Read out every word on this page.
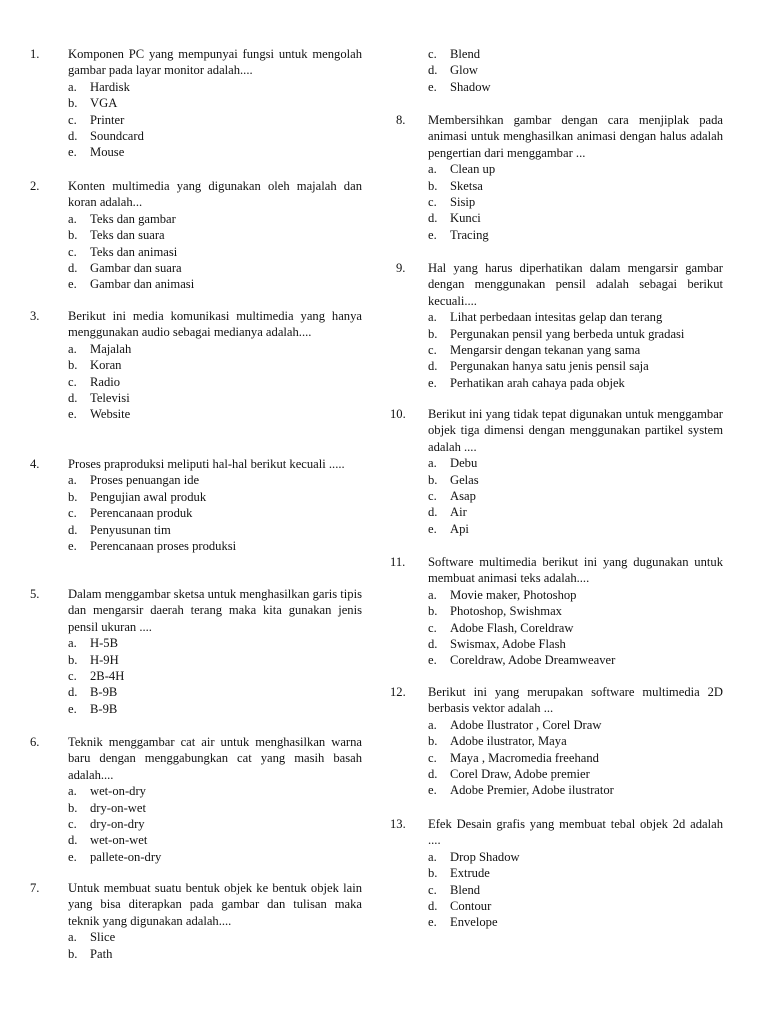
1. Komponen PC yang mempunyai fungsi untuk mengolah gambar pada layar monitor adalah....
a.	Hardisk
b. VGA
c.	Printer
d. Soundcard
e.	Mouse
2. Konten multimedia yang digunakan oleh majalah dan koran adalah...
a.	Teks dan gambar
b. Teks dan suara
c.	Teks dan animasi
d. Gambar dan suara
e.	Gambar dan animasi
3. Berikut ini media komunikasi multimedia yang hanya menggunakan audio sebagai medianya adalah....
a.	Majalah
b. Koran
c.	Radio
d. Televisi
e.	Website
4. Proses praproduksi meliputi hal-hal berikut kecuali .....
a.	Proses penuangan ide
b. Pengujian awal produk
c.	Perencanaan produk
d. Penyusunan tim
e.	Perencanaan proses produksi
5. Dalam menggambar sketsa untuk menghasilkan garis tipis dan mengarsir daerah terang maka kita gunakan jenis pensil ukuran ....
a.	H-5B
b. H-9H
c.	2B-4H
d. B-9B
e.	B-9B
6. Teknik menggambar cat air untuk menghasilkan warna baru dengan menggabungkan cat yang masih basah adalah....
a.	wet-on-dry
b. dry-on-wet
c.	dry-on-dry
d. wet-on-wet
e.	pallete-on-dry
7. Untuk membuat suatu bentuk objek ke bentuk objek lain yang bisa diterapkan pada gambar dan tulisan maka teknik yang digunakan adalah....
a.	Slice
b. Path
c.	Blend
d. Glow
e.	Shadow
8. Membersihkan gambar dengan cara menjiplak pada animasi untuk menghasilkan animasi dengan halus adalah pengertian dari menggambar ...
a.	Clean up
b. Sketsa
c.	Sisip
d. Kunci
e.	Tracing
9. Hal yang harus diperhatikan dalam mengarsir gambar dengan menggunakan pensil adalah sebagai berikut kecuali....
a.	Lihat perbedaan intesitas gelap dan terang
b. Pergunakan pensil yang berbeda untuk gradasi
c.	Mengarsir dengan tekanan yang sama
d. Pergunakan hanya satu jenis pensil saja
e.	Perhatikan arah cahaya pada objek
10. Berikut ini yang tidak tepat digunakan untuk menggambar objek tiga dimensi dengan menggunakan partikel system adalah ....
a.	Debu
b. Gelas
c.	Asap
d. Air
e.	Api
11. Software multimedia berikut ini yang dugunakan untuk membuat animasi teks adalah....
a.	Movie maker, Photoshop
b. Photoshop, Swishmax
c.	Adobe Flash, Coreldraw
d. Swismax, Adobe Flash
e.	Coreldraw, Adobe Dreamweaver
12. Berikut ini yang merupakan software multimedia 2D berbasis vektor adalah ...
a.	Adobe Ilustrator , Corel Draw
b. Adobe ilustrator, Maya
c.	Maya , Macromedia freehand
d. Corel Draw, Adobe premier
e.	Adobe Premier, Adobe ilustrator
13. Efek Desain grafis yang membuat tebal objek 2d adalah ....
a.	Drop Shadow
b. Extrude
c.	Blend
d. Contour
e.	Envelope
